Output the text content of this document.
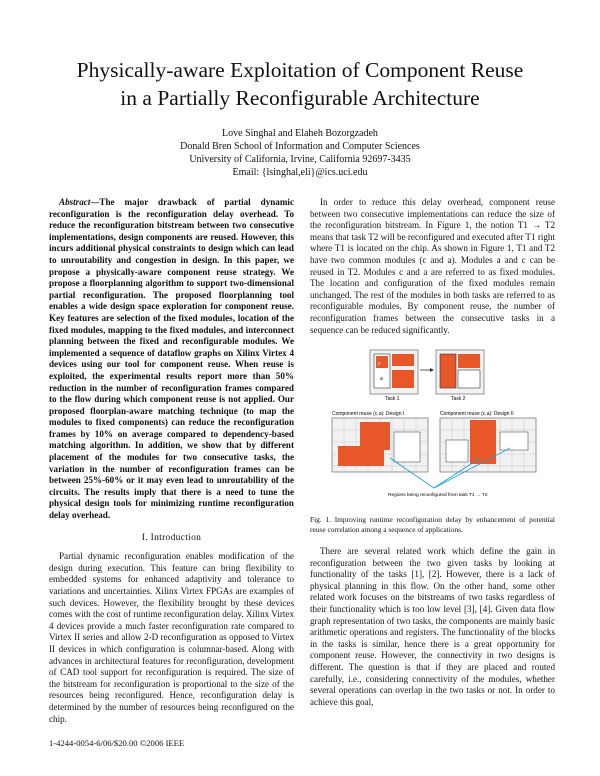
Physically-aware Exploitation of Component Reuse
in a Partially Reconfigurable Architecture
Love Singhal and Elaheh Bozorgzadeh
Donald Bren School of Information and Computer Sciences
University of California, Irvine, California 92697-3435
Email: {lsinghal,eli}@ics.uci.edu

Abstract—The major drawback of partial dynamic reconfiguration is the reconfiguration delay overhead. To reduce the reconfiguration bitstream between two consecutive implementations, design components are reused. However, this incurs additional physical constraints to design which can lead to unroutability and congestion in design. In this paper, we propose a physically-aware component reuse strategy. We propose a floorplanning algorithm to support two-dimensional partial reconfiguration. The proposed floorplanning tool enables a wide design space exploration for component reuse. Key features are selection of the fixed modules, location of the fixed modules, mapping to the fixed modules, and interconnect planning between the fixed and reconfigurable modules. We implemented a sequence of dataflow graphs on Xilinx Virtex 4 devices using our tool for component reuse. When reuse is exploited, the experimental results report more than 50% reduction in the number of reconfiguration frames compared to the flow during which component reuse is not applied. Our proposed floorplan-aware matching technique (to map the modules to fixed components) can reduce the reconfiguration frames by 10% on average compared to dependency-based matching algorithm. In addition, we show that by different placement of the modules for two consecutive tasks, the variation in the number of reconfiguration frames can be between 25%-60% or it may even lead to unroutability of the circuits. The results imply that there is a need to tune the physical design tools for minimizing runtime reconfiguration delay overhead.

I. Introduction

Partial dynamic reconfiguration enables modification of the design during execution. This feature can bring flexibility to embedded systems for enhanced adaptivity and tolerance to variations and uncertainties. Xilinx Virtex FPGAs are examples of such devices. However, the flexibility brought by these devices comes with the cost of runtime reconfiguration delay. Xilinx Virtex 4 devices provide a much faster reconfiguration rate compared to Virtex II series and allow 2-D reconfiguration as opposed to Virtex II devices in which configuration is columnar-based. Along with advances in architectural features for reconfiguration, development of CAD tool support for reconfiguration is required. The size of the bitstream for reconfiguration is proportional to the size of the resources being reconfigured. Hence, reconfiguration delay is determined by the number of resources being reconfigured on the chip.

In order to reduce this delay overhead, component reuse between two consecutive implementations can reduce the size of the reconfiguration bitstream. In Figure 1, the notion T1 → T2 means that task T2 will be reconfigured and executed after T1 right where T1 is located on the chip. As shown in Figure 1, T1 and T2 have two common modules (c and a). Modules a and c can be reused in T2. Modules c and a are referred to as fixed modules. The location and configuration of the fixed modules remain unchanged. The rest of the modules in both tasks are referred to as reconfigurable modules. By component reuse, the number of reconfiguration frames between the consecutive tasks in a sequence can be reduced significantly.

c
a
Task 1	Task 2
Component reuse (c,a): Design I	Component reuse (c,a): Design II
Regions being reconfigured from task T1 → T2
Fig. 1. Improving runtime reconfiguration delay by enhancement of potential reuse correlation among a sequence of applications.

There are several related work which define the gain in reconfiguration between the two given tasks by looking at functionality of the tasks [1], [2]. However, there is a lack of physical planning in this flow. On the other hand, some other related work focuses on the bitstreams of two tasks regardless of their functionality which is too low level [3], [4]. Given data flow graph representation of two tasks, the components are mainly basic arithmetic operations and registers. The functionality of the blocks in the tasks is similar, hence there is a great opportunity for component reuse. However, the connectivity in two designs is different. The question is that if they are placed and routed carefully, i.e., considering connectivity of the modules, whether several operations can overlap in the two tasks or not. In order to achieve this goal,

1-4244-0054-6/06/$20.00 ©2006 IEEE
